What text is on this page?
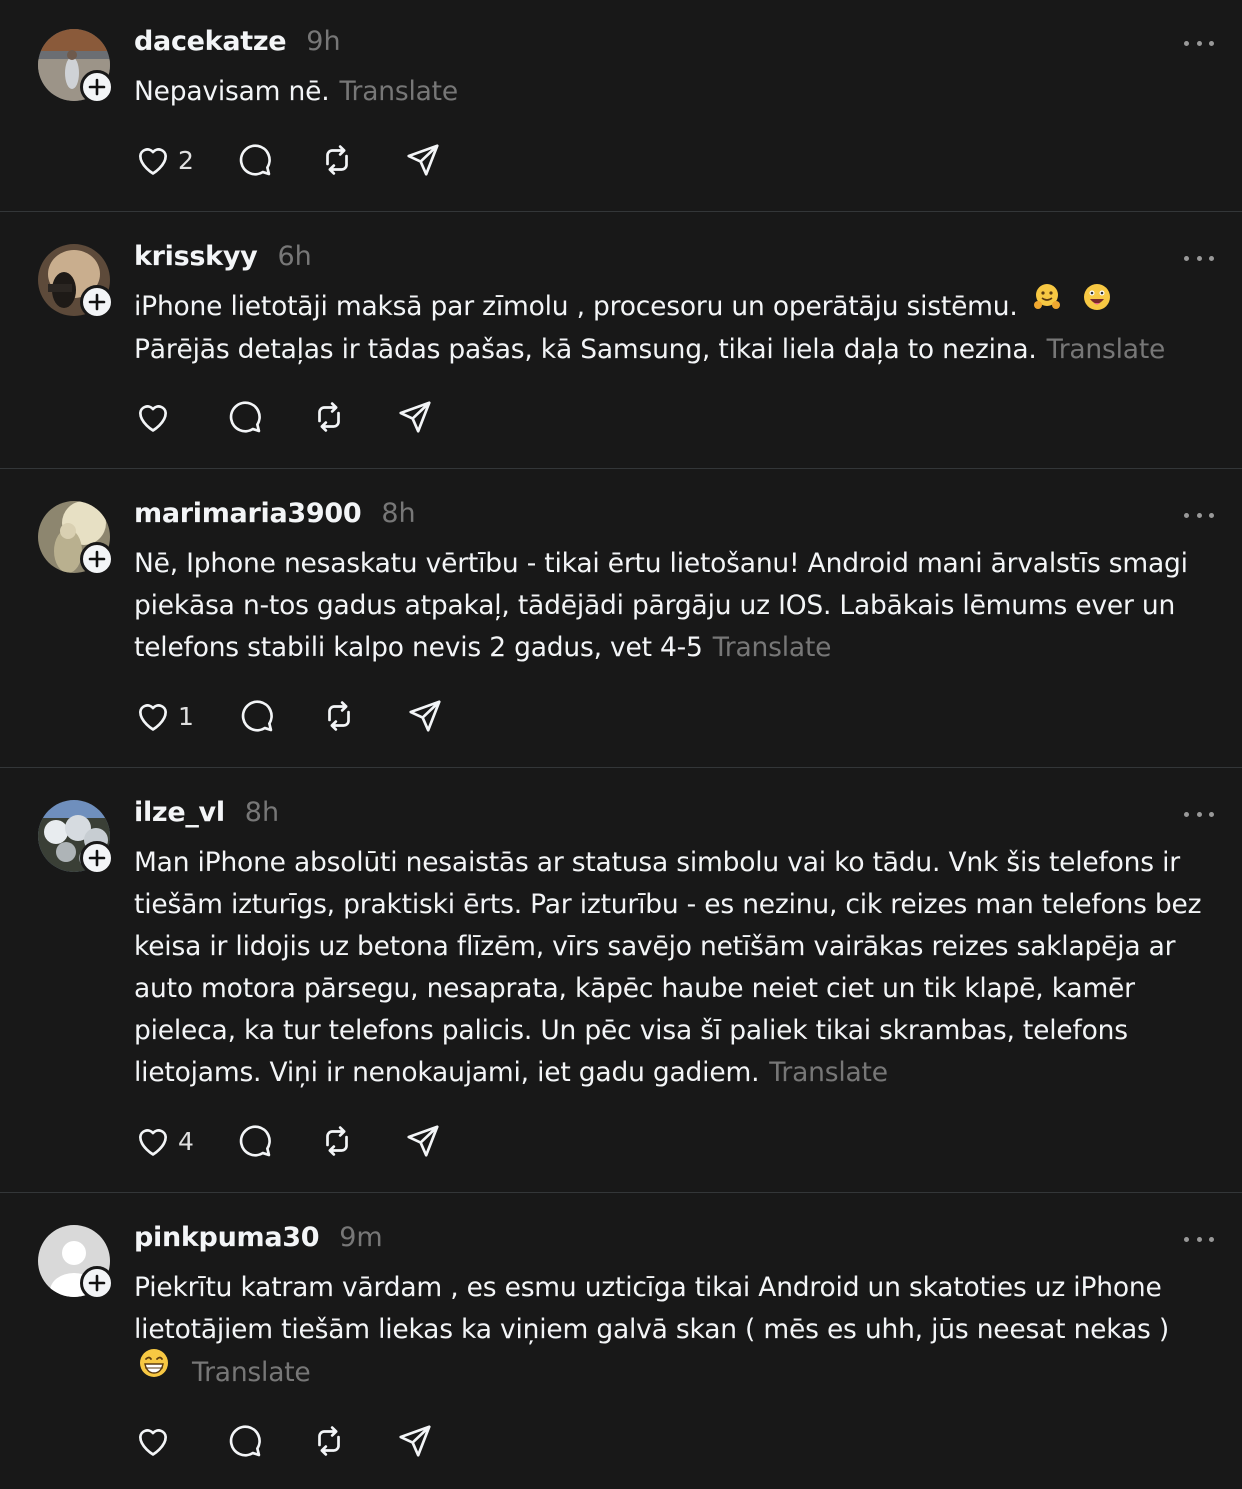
dacekatze 9h
Nepavisam nē. Translate
2
krisskyy 6h
iPhone lietotāji maksā par zīmolu , procesoru un operātāju sistēmu.   Pārējās detaļas ir tādas pašas, kā Samsung, tikai liela daļa to nezina. Translate
marimaria3900 8h
Nē, Iphone nesaskatu vērtību - tikai ērtu lietošanu! Android mani ārvalstīs smagi piekāsa n-tos gadus atpakaļ, tādējādi pārgāju uz IOS. Labākais lēmums ever un telefons stabili kalpo nevis 2 gadus, vet 4-5 Translate
1
ilze_vl 8h
Man iPhone absolūti nesaistās ar statusa simbolu vai ko tādu. Vnk šis telefons ir tiešām izturīgs, praktiski ērts. Par izturību - es nezinu, cik reizes man telefons bez keisa ir lidojis uz betona flīzēm, vīrs savējo netīšām vairākas reizes saklapēja ar auto motora pārsegu, nesaprata, kāpēc haube neiet ciet un tik klapē, kamēr pieleca, ka tur telefons palicis. Un pēc visa šī paliek tikai skrambas, telefons lietojams. Viņi ir nenokaujami, iet gadu gadiem. Translate
4
pinkpuma30 9m
Piekrītu katram vārdam , es esmu uzticīga tikai Android un skatoties uz iPhone lietotājiem tiešām liekas ka viņiem galvā skan ( mēs es uhh, jūs neesat nekas )
Translate
